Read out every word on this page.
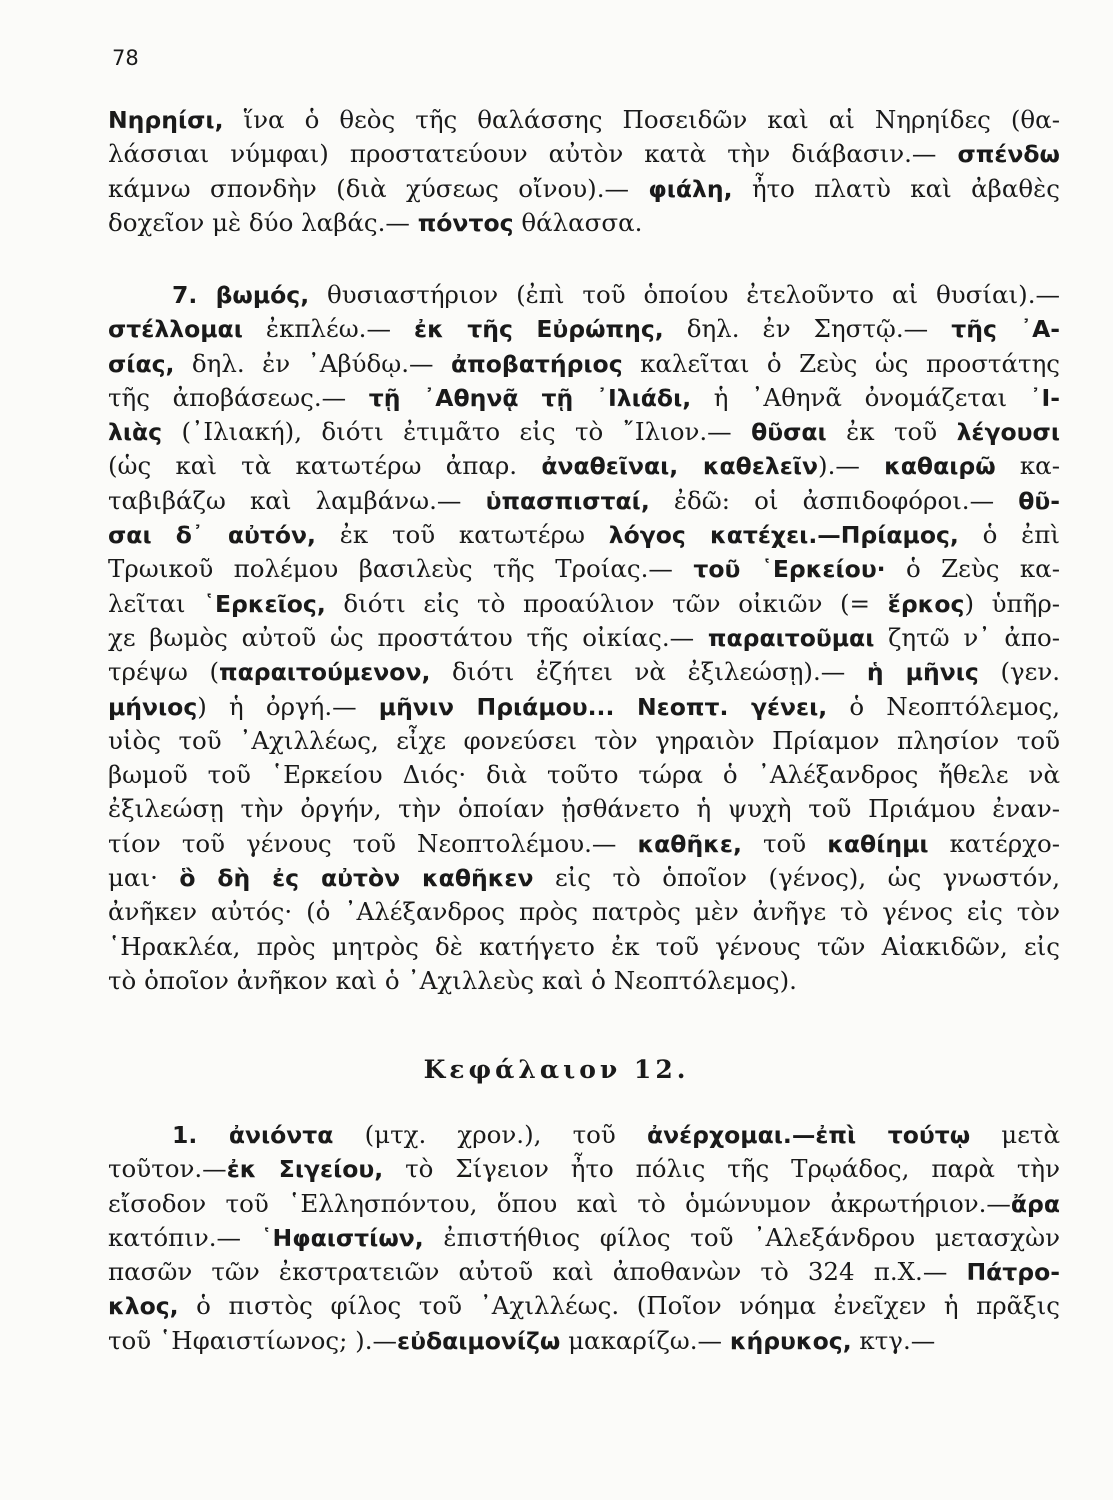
78
Νηρηίσι, ἵνα ὁ θεὸς τῆς θαλάσσης Ποσειδῶν καὶ αἱ Νηρηίδες (θα-
λάσσιαι νύμφαι) προστατεύουν αὐτὸν κατὰ τὴν διάβασιν.— σπένδω
κάμνω σπονδὴν (διὰ χύσεως οἴνου).— φιάλη, ἦτο πλατὺ καὶ ἀβαθὲς
δοχεῖον μὲ δύο λαβάς.— πόντος θάλασσα.
7. βωμός, θυσιαστήριον (ἐπὶ τοῦ ὁποίου ἐτελοῦντο αἱ θυσίαι).—
στέλλομαι ἐκπλέω.— ἐκ τῆς Εὐρώπης, δηλ. ἐν Σηστῷ.— τῆς ᾿Α-
σίας, δηλ. ἐν ᾿Αβύδῳ.— ἀποβατήριος καλεῖται ὁ Ζεὺς ὡς προστάτης
τῆς ἀποβάσεως.— τῇ ᾿Αθηνᾷ τῇ ᾿Ιλιάδι, ἡ ᾿Αθηνᾶ ὀνομάζεται ᾿Ι-
λιὰς (᾿Ιλιακή), διότι ἐτιμᾶτο εἰς τὸ ῎Ιλιον.— θῦσαι ἐκ τοῦ λέγουσι
(ὡς καὶ τὰ κατωτέρω ἀπαρ. ἀναθεῖναι, καθελεῖν).— καθαιρῶ κα-
ταβιβάζω καὶ λαμβάνω.— ὑπασπισταί, ἐδῶ: οἱ ἀσπιδοφόροι.— θῦ-
σαι δ᾿ αὐτόν, ἐκ τοῦ κατωτέρω λόγος κατέχει.—Πρίαμος, ὁ ἐπὶ
Τρωικοῦ πολέμου βασιλεὺς τῆς Τροίας.— τοῦ ῾Ερκείου· ὁ Ζεὺς κα-
λεῖται ῾Ερκεῖος, διότι εἰς τὸ προαύλιον τῶν οἰκιῶν (= ἕρκος) ὑπῆρ-
χε βωμὸς αὐτοῦ ὡς προστάτου τῆς οἰκίας.— παραιτοῦμαι ζητῶ ν᾿ ἀπο-
τρέψω (παραιτούμενον, διότι ἐζήτει νὰ ἐξιλεώσῃ).— ἡ μῆνις (γεν.
μήνιος) ἡ ὀργή.— μῆνιν Πριάμου... Νεοπτ. γένει, ὁ Νεοπτόλεμος,
υἱὸς τοῦ ᾿Αχιλλέως, εἶχε φονεύσει τὸν γηραιὸν Πρίαμον πλησίον τοῦ
βωμοῦ τοῦ ῾Ερκείου Διός· διὰ τοῦτο τώρα ὁ ᾿Αλέξανδρος ἤθελε νὰ
ἐξιλεώσῃ τὴν ὀργήν, τὴν ὁποίαν ᾐσθάνετο ἡ ψυχὴ τοῦ Πριάμου ἐναν-
τίον τοῦ γένους τοῦ Νεοπτολέμου.— καθῆκε, τοῦ καθίημι κατέρχο-
μαι· ὃ δὴ ἐς αὐτὸν καθῆκεν εἰς τὸ ὁποῖον (γένος), ὡς γνωστόν,
ἀνῆκεν αὐτός· (ὁ ᾿Αλέξανδρος πρὸς πατρὸς μὲν ἀνῆγε τὸ γένος εἰς τὸν
῾Ηρακλέα, πρὸς μητρὸς δὲ κατήγετο ἐκ τοῦ γένους τῶν Αἰακιδῶν, εἰς
τὸ ὁποῖον ἀνῆκον καὶ ὁ ᾿Αχιλλεὺς καὶ ὁ Νεοπτόλεμος).
Κεφάλαιον 12.
1. ἀνιόντα (μτχ. χρον.), τοῦ ἀνέρχομαι.—ἐπὶ τούτῳ μετὰ
τοῦτον.—ἐκ Σιγείου, τὸ Σίγειον ἦτο πόλις τῆς Τρῳάδος, παρὰ τὴν
εἴσοδον τοῦ ῾Ελλησπόντου, ὅπου καὶ τὸ ὁμώνυμον ἀκρωτήριον.—ἄρα
κατόπιν.— ῾Ηφαιστίων, ἐπιστήθιος φίλος τοῦ ᾿Αλεξάνδρου μετασχὼν
πασῶν τῶν ἐκστρατειῶν αὐτοῦ καὶ ἀποθανὼν τὸ 324 π.Χ.— Πάτρο-
κλος, ὁ πιστὸς φίλος τοῦ ᾿Αχιλλέως. (Ποῖον νόημα ἐνεῖχεν ἡ πρᾶξις
τοῦ ῾Ηφαιστίωνος; ).—εὐδαιμονίζω μακαρίζω.— κήρυκος, κτγ.—
